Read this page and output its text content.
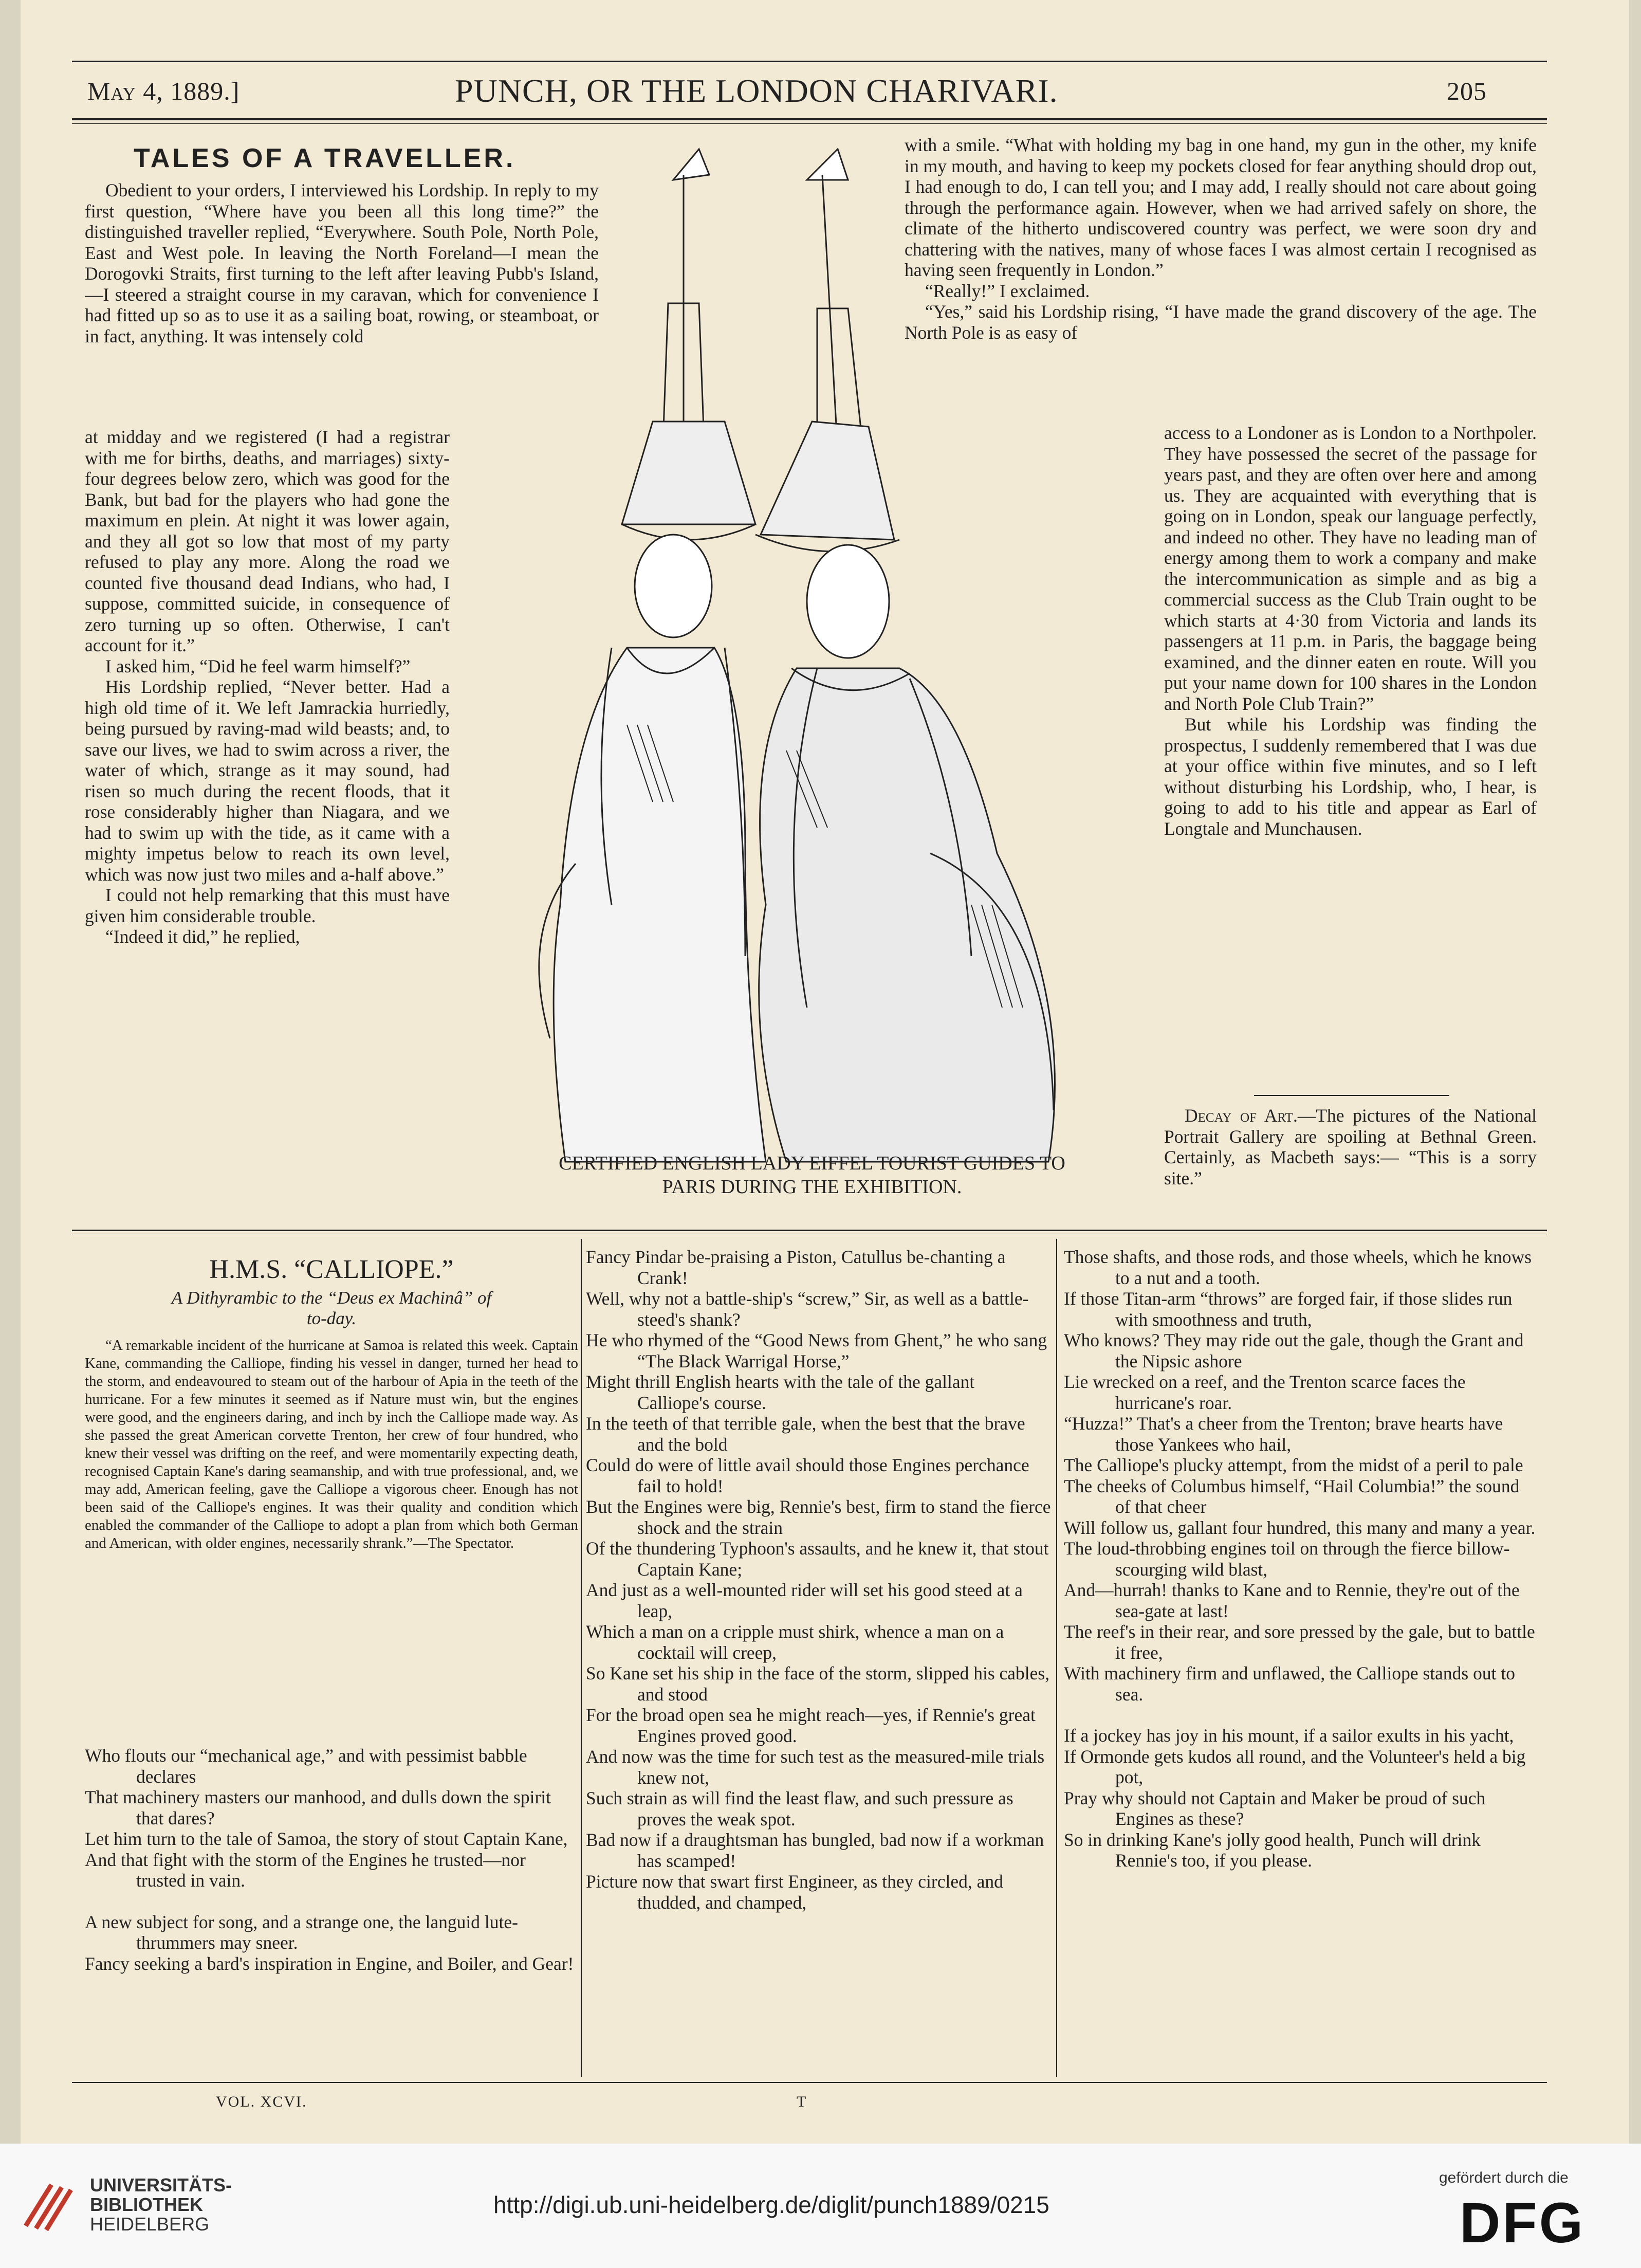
May 4, 1889.]	PUNCH, OR THE LONDON CHARIVARI.	205
TALES OF A TRAVELLER.

Obedient to your orders, I interviewed his Lordship. In reply to my first question, “Where have you been all this long time?” the distinguished traveller replied, “Everywhere. South Pole, North Pole, East and West pole. In leaving the North Foreland—I mean the Dorogovki Straits, first turning to the left after leaving Pubb's Island,—I steered a straight course in my caravan, which for convenience I had fitted up so as to use it as a sailing boat, rowing, or steamboat, or in fact, anything. It was intensely cold

at midday and we registered (I had a registrar with me for births, deaths, and marriages) sixty-four degrees below zero, which was good for the Bank, but bad for the players who had gone the maximum en plein. At night it was lower again, and they all got so low that most of my party refused to play any more. Along the road we counted five thousand dead Indians, who had, I suppose, committed suicide, in consequence of zero turning up so often. Otherwise, I can't account for it.”

I asked him, “Did he feel warm himself?”

His Lordship replied, “Never better. Had a high old time of it. We left Jamrackia hurriedly, being pursued by raving-mad wild beasts; and, to save our lives, we had to swim across a river, the water of which, strange as it may sound, had risen so much during the recent floods, that it rose considerably higher than Niagara, and we had to swim up with the tide, as it came with a mighty impetus below to reach its own level, which was now just two miles and a-half above.”

I could not help remarking that this must have given him considerable trouble.

“Indeed it did,” he replied,

CERTIFIED ENGLISH LADY EIFFEL TOURIST GUIDES TO
PARIS DURING THE EXHIBITION.

with a smile. “What with holding my bag in one hand, my gun in the other, my knife in my mouth, and having to keep my pockets closed for fear anything should drop out, I had enough to do, I can tell you; and I may add, I really should not care about going through the performance again. However, when we had arrived safely on shore, the climate of the hitherto undiscovered country was perfect, we were soon dry and chattering with the natives, many of whose faces I was almost certain I recognised as having seen frequently in London.”

“Really!” I exclaimed.

“Yes,” said his Lordship rising, “I have made the grand discovery of the age. The North Pole is as easy of

access to a Londoner as is London to a Northpoler. They have possessed the secret of the passage for years past, and they are often over here and among us. They are acquainted with everything that is going on in London, speak our language perfectly, and indeed no other. They have no leading man of energy among them to work a company and make the intercommunication as simple and as big a commercial success as the Club Train ought to be which starts at 4·30 from Victoria and lands its passengers at 11 p.m. in Paris, the baggage being examined, and the dinner eaten en route. Will you put your name down for 100 shares in the London and North Pole Club Train?”

But while his Lordship was finding the prospectus, I suddenly remembered that I was due at your office within five minutes, and so I left without disturbing his Lordship, who, I hear, is going to add to his title and appear as Earl of Longtale and Munchausen.

Decay of Art.—The pictures of the National Portrait Gallery are spoiling at Bethnal Green. Certainly, as Macbeth says:— “This is a sorry site.”

H.M.S. “CALLIOPE.”
A Dithyrambic to the “Deus ex Machinâ” of
to-day.

“A remarkable incident of the hurricane at Samoa is related this week. Captain Kane, commanding the Calliope, finding his vessel in danger, turned her head to the storm, and endeavoured to steam out of the harbour of Apia in the teeth of the hurricane. For a few minutes it seemed as if Nature must win, but the engines were good, and the engineers daring, and inch by inch the Calliope made way. As she passed the great American corvette Trenton, her crew of four hundred, who knew their vessel was drifting on the reef, and were momentarily expecting death, recognised Captain Kane's daring seamanship, and with true professional, and, we may add, American feeling, gave the Calliope a vigorous cheer. Enough has not been said of the Calliope's engines. It was their quality and condition which enabled the commander of the Calliope to adopt a plan from which both German and American, with older engines, necessarily shrank.”—The Spectator.

Who flouts our “mechanical age,” and with pessimist babble declares

That machinery masters our manhood, and dulls down the spirit that dares?

Let him turn to the tale of Samoa, the story of stout Captain Kane,

And that fight with the storm of the Engines he trusted—nor trusted in vain.

A new subject for song, and a strange one, the languid lute-thrummers may sneer.

Fancy seeking a bard's inspiration in Engine, and Boiler, and Gear!

Fancy Pindar be-praising a Piston, Catullus be-chanting a Crank!

Well, why not a battle-ship's “screw,” Sir, as well as a battle-steed's shank?

He who rhymed of the “Good News from Ghent,” he who sang “The Black Warrigal Horse,”

Might thrill English hearts with the tale of the gallant Calliope's course.

In the teeth of that terrible gale, when the best that the brave and the bold

Could do were of little avail should those Engines perchance fail to hold!

But the Engines were big, Rennie's best, firm to stand the fierce shock and the strain

Of the thundering Typhoon's assaults, and he knew it, that stout Captain Kane;

And just as a well-mounted rider will set his good steed at a leap,

Which a man on a cripple must shirk, whence a man on a cocktail will creep,

So Kane set his ship in the face of the storm, slipped his cables, and stood

For the broad open sea he might reach—yes, if Rennie's great Engines proved good.

And now was the time for such test as the measured-mile trials knew not,

Such strain as will find the least flaw, and such pressure as proves the weak spot.

Bad now if a draughtsman has bungled, bad now if a workman has scamped!

Picture now that swart first Engineer, as they circled, and thudded, and champed,

Those shafts, and those rods, and those wheels, which he knows to a nut and a tooth.

If those Titan-arm “throws” are forged fair, if those slides run with smoothness and truth,

Who knows? They may ride out the gale, though the Grant and the Nipsic ashore

Lie wrecked on a reef, and the Trenton scarce faces the hurricane's roar.

“Huzza!” That's a cheer from the Trenton; brave hearts have those Yankees who hail,

The Calliope's plucky attempt, from the midst of a peril to pale

The cheeks of Columbus himself, “Hail Columbia!” the sound of that cheer

Will follow us, gallant four hundred, this many and many a year.

The loud-throbbing engines toil on through the fierce billow-scourging wild blast,

And—hurrah! thanks to Kane and to Rennie, they're out of the sea-gate at last!

The reef's in their rear, and sore pressed by the gale, but to battle it free,

With machinery firm and unflawed, the Calliope stands out to sea.

If a jockey has joy in his mount, if a sailor exults in his yacht,

If Ormonde gets kudos all round, and the Volunteer's held a big pot,

Pray why should not Captain and Maker be proud of such Engines as these?

So in drinking Kane's jolly good health, Punch will drink Rennie's too, if you please.

VOL. XCVI.	T
UNIVERSITÄTS-
BIBLIOTHEK
HEIDELBERG
http://digi.ub.uni-heidelberg.de/diglit/punch1889/0215
gefördert durch die
DFG
